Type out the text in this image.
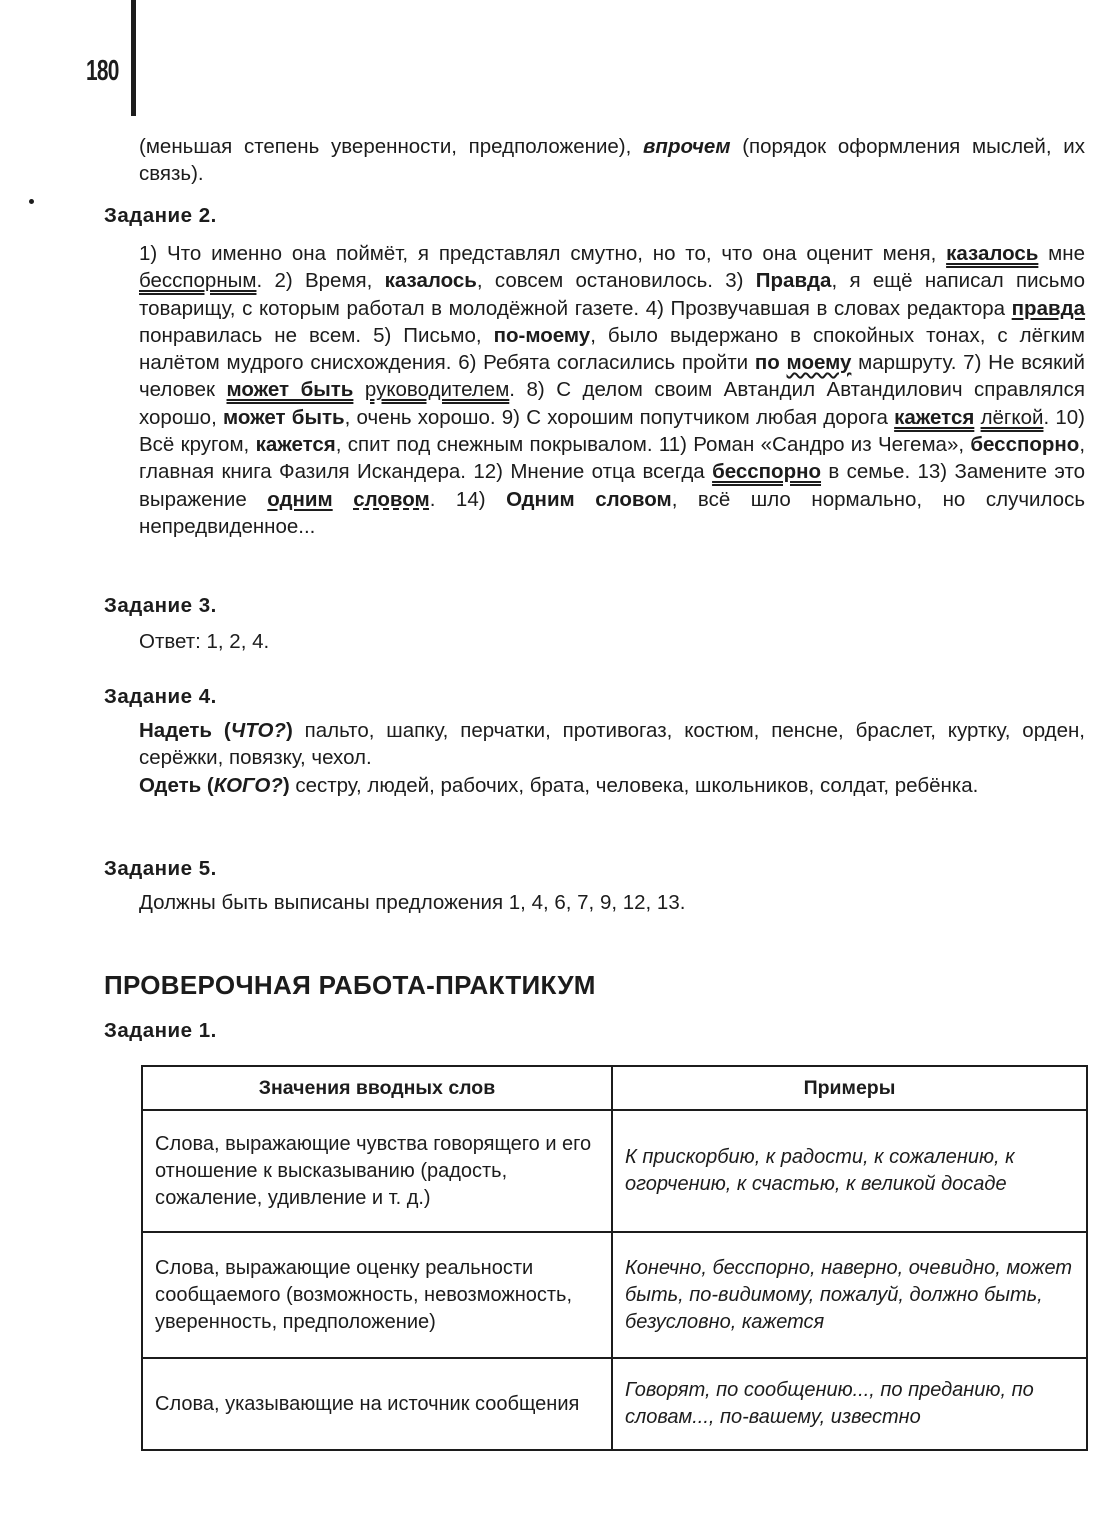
180

(меньшая степень уверенности, предположение), впрочем (порядок оформления мыслей, их связь).

Задание 2.

1) Что именно она поймёт, я представлял смутно, но то, что она оценит меня, казалось мне бесспорным. 2) Время, казалось, совсем остановилось. 3) Правда, я ещё написал письмо товарищу, с которым работал в молодёжной газете. 4) Прозвучавшая в словах редактора правда понравилась не всем. 5) Письмо, по-моему, было выдержано в спокойных тонах, с лёгким налётом мудрого снисхождения. 6) Ребята согласились пройти по моему маршруту. 7) Не всякий человек может быть руководителем. 8) С делом своим Автандил Автандилович справлялся хорошо, может быть, очень хорошо. 9) С хорошим попутчиком любая дорога кажется лёгкой. 10) Всё кругом, кажется, спит под снежным покрывалом. 11) Роман «Сандро из Чегема», бесспорно, главная книга Фазиля Искандера. 12) Мнение отца всегда бесспорно в семье. 13) Замените это выражение одним словом. 14) Одним словом, всё шло нормально, но случилось непредвиденное...

Задание 3.

Ответ: 1, 2, 4.

Задание 4.

Надеть (ЧТО?) пальто, шапку, перчатки, противогаз, костюм, пенсне, браслет, куртку, орден, серёжки, повязку, чехол.

Одеть (КОГО?) сестру, людей, рабочих, брата, человека, школьников, солдат, ребёнка.

Задание 5.

Должны быть выписаны предложения 1, 4, 6, 7, 9, 12, 13.

ПРОВЕРОЧНАЯ РАБОТА-ПРАКТИКУМ
Задание 1.
Значения вводных слов	Примеры
Слова, выражающие чувства говорящего и его отношение к высказыванию (радость, сожаление, удивление и т. д.)	К прискорбию, к радости, к сожалению, к огорчению, к счастью, к великой досаде
Слова, выражающие оценку реальности сообщаемого (возможность, невозможность, уверенность, предположение)	Конечно, бесспорно, наверно, очевидно, может быть, по-видимому, пожалуй, должно быть, безусловно, кажется
Слова, указывающие на источник сообщения	Говорят, по сообщению..., по преданию, по словам..., по-вашему, известно
